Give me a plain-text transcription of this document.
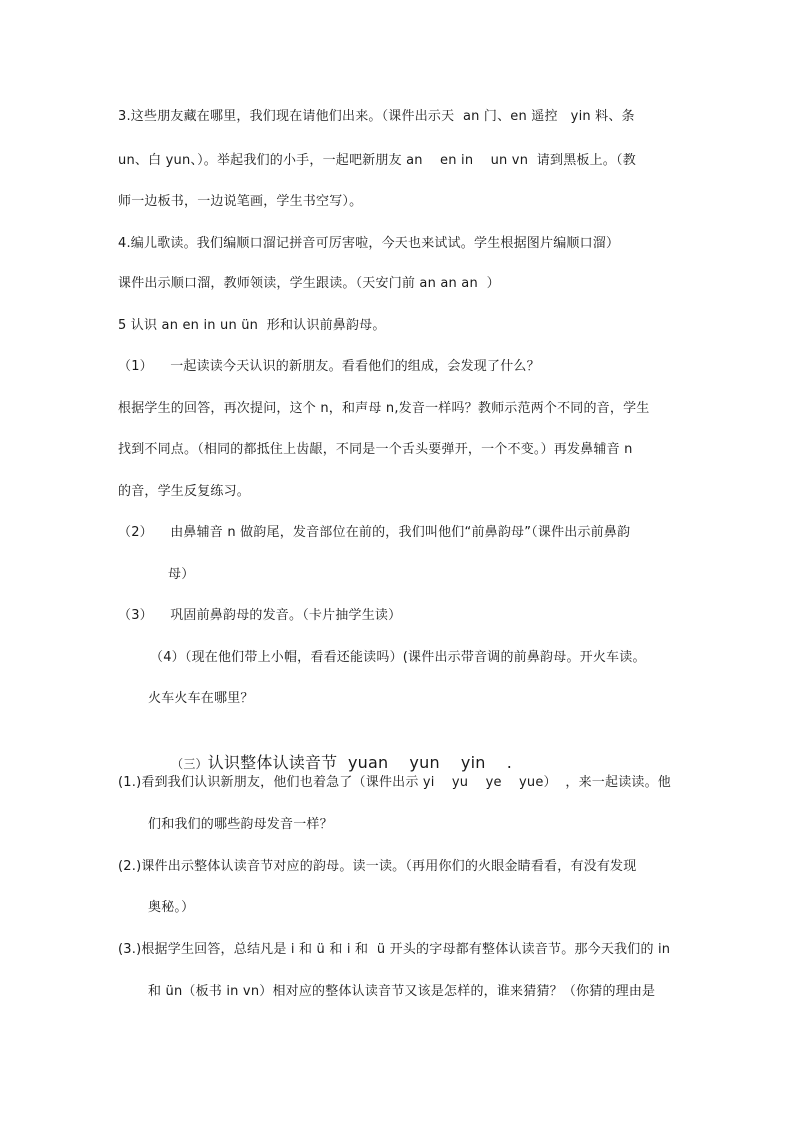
3.这些朋友藏在哪里，我们现在请他们出来。（课件出示天  an 门、en 遥控   yin 料、条
un、白 yun、）。举起我们的小手，一起吧新朋友 an    en in    un vn  请到黑板上。（教
师一边板书，一边说笔画，学生书空写）。
4.编儿歌读。我们编顺口溜记拼音可厉害啦，今天也来试试。学生根据图片编顺口溜）
课件出示顺口溜，教师领读，学生跟读。（天安门前 an an an  ）
5 认识 an en in un ün  形和认识前鼻韵母。
（1）    一起读读今天认识的新朋友。看看他们的组成，会发现了什么？
根据学生的回答，再次提问，这个 n，和声母 n,发音一样吗？教师示范两个不同的音，学生
找到不同点。（相同的都抵住上齿龈，不同是一个舌头要弹开，一个不变。）再发鼻辅音 n
的音，学生反复练习。
（2）    由鼻辅音 n 做韵尾，发音部位在前的，我们叫他们“前鼻韵母”（课件出示前鼻韵
母）
（3）    巩固前鼻韵母的发音。（卡片抽学生读）
（4）（现在他们带上小帽，看看还能读吗）(课件出示带音调的前鼻韵母。开火车读。
火车火车在哪里？

（三）认识整体认读音节  yuan    yun    yin    .

(1.)看到我们认识新朋友，他们也着急了（课件出示 yi    yu    ye    yue）  ，来一起读读。他
们和我们的哪些韵母发音一样？
(2.)课件出示整体认读音节对应的韵母。读一读。（再用你们的火眼金睛看看，有没有发现
奥秘。）
(3.)根据学生回答，总结凡是 i 和 ü 和 i 和  ü 开头的字母都有整体认读音节。那今天我们的 in
和 ün（板书 in vn）相对应的整体认读音节又该是怎样的，谁来猜猜？（你猜的理由是
